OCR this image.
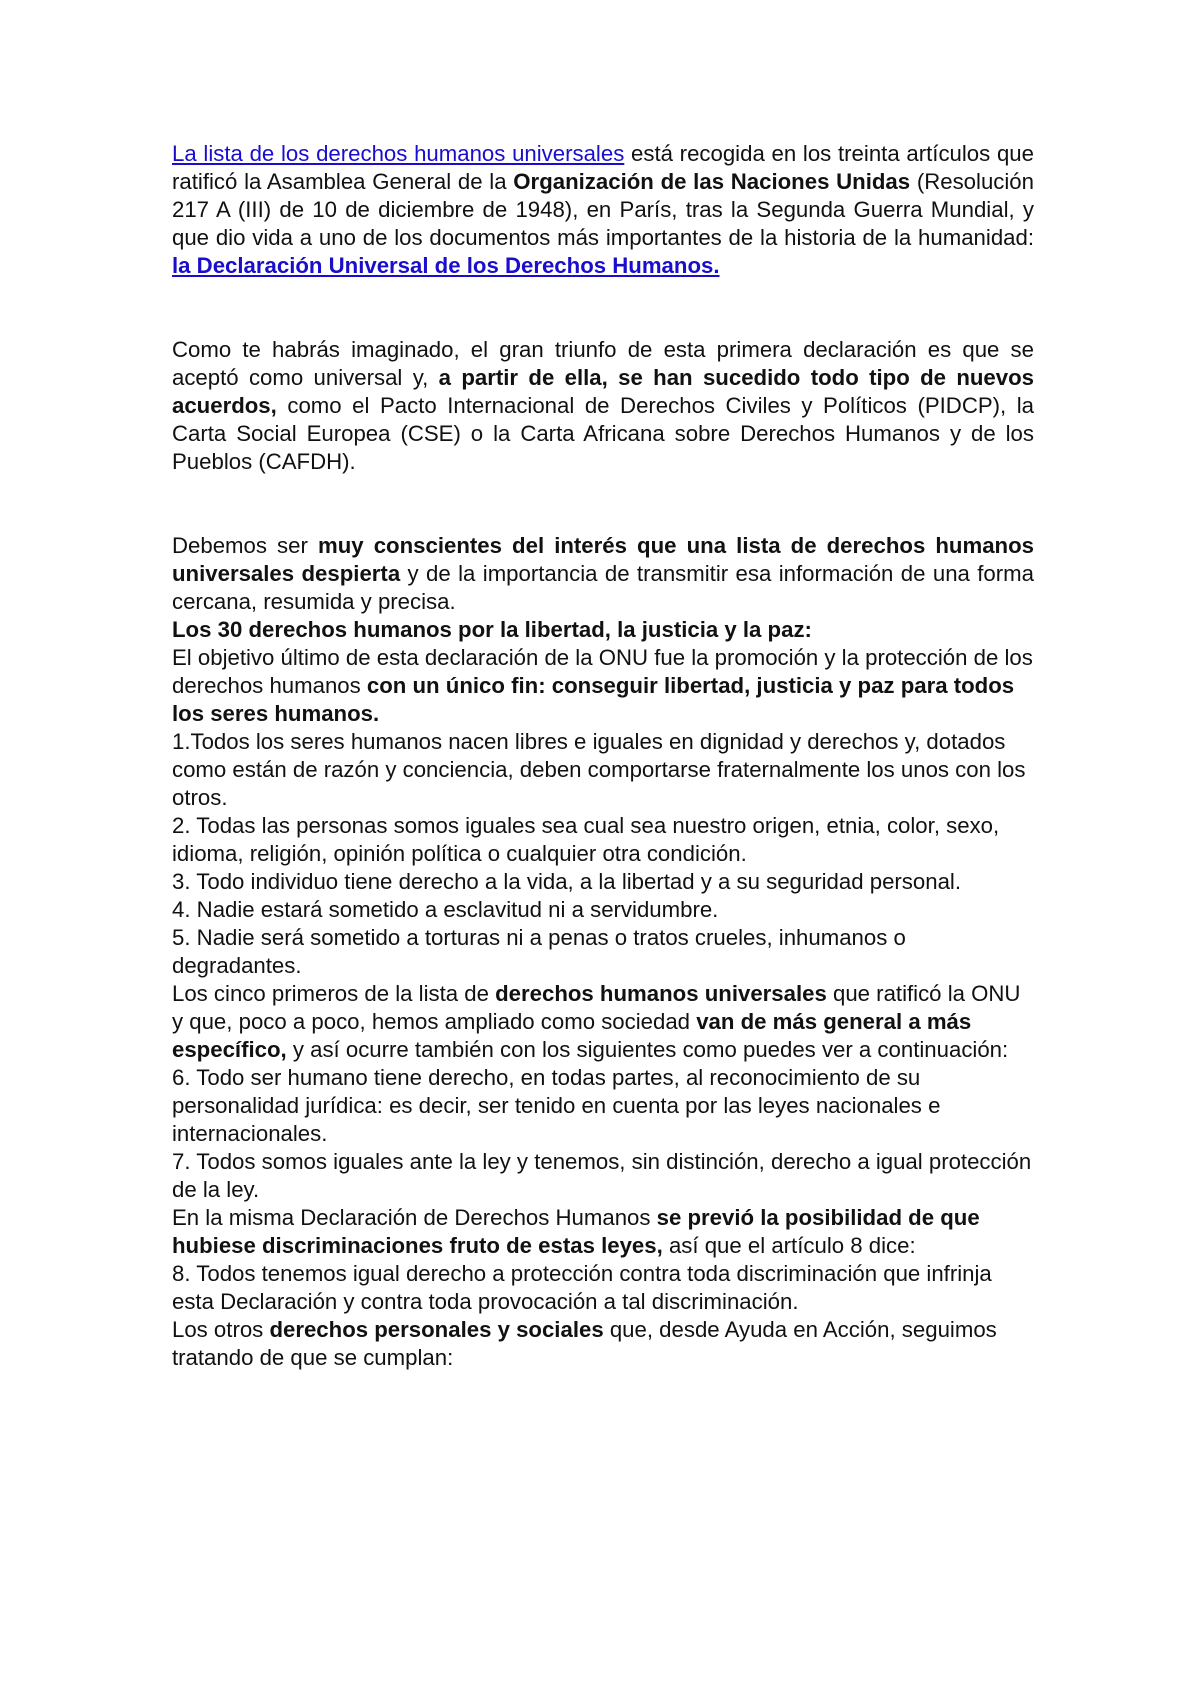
La lista de los derechos humanos universales está recogida en los treinta artículos que ratificó la Asamblea General de la Organización de las Naciones Unidas (Resolución 217 A (III) de 10 de diciembre de 1948), en París, tras la Segunda Guerra Mundial, y que dio vida a uno de los documentos más importantes de la historia de la humanidad: la Declaración Universal de los Derechos Humanos.

Como te habrás imaginado, el gran triunfo de esta primera declaración es que se aceptó como universal y, a partir de ella, se han sucedido todo tipo de nuevos acuerdos, como el Pacto Internacional de Derechos Civiles y Políticos (PIDCP), la Carta Social Europea (CSE) o la Carta Africana sobre Derechos Humanos y de los Pueblos (CAFDH).

Debemos ser muy conscientes del interés que una lista de derechos humanos universales despierta y de la importancia de transmitir esa información de una forma cercana, resumida y precisa.

Los 30 derechos humanos por la libertad, la justicia y la paz:

El objetivo último de esta declaración de la ONU fue la promoción y la protección de los derechos humanos con un único fin: conseguir libertad, justicia y paz para todos los seres humanos.

1.Todos los seres humanos nacen libres e iguales en dignidad y derechos y, dotados como están de razón y conciencia, deben comportarse fraternalmente los unos con los otros.

2. Todas las personas somos iguales sea cual sea nuestro origen, etnia, color, sexo, idioma, religión, opinión política o cualquier otra condición.

3. Todo individuo tiene derecho a la vida, a la libertad y a su seguridad personal.

4. Nadie estará sometido a esclavitud ni a servidumbre.

5. Nadie será sometido a torturas ni a penas o tratos crueles, inhumanos o degradantes.

Los cinco primeros de la lista de derechos humanos universales que ratificó la ONU y que, poco a poco, hemos ampliado como sociedad van de más general a más específico, y así ocurre también con los siguientes como puedes ver a continuación:

6. Todo ser humano tiene derecho, en todas partes, al reconocimiento de su personalidad jurídica: es decir, ser tenido en cuenta por las leyes nacionales e internacionales.

7. Todos somos iguales ante la ley y tenemos, sin distinción, derecho a igual protección de la ley.

En la misma Declaración de Derechos Humanos se previó la posibilidad de que hubiese discriminaciones fruto de estas leyes, así que el artículo 8 dice:

8. Todos tenemos igual derecho a protección contra toda discriminación que infrinja esta Declaración y contra toda provocación a tal discriminación.

Los otros derechos personales y sociales que, desde Ayuda en Acción, seguimos tratando de que se cumplan:
